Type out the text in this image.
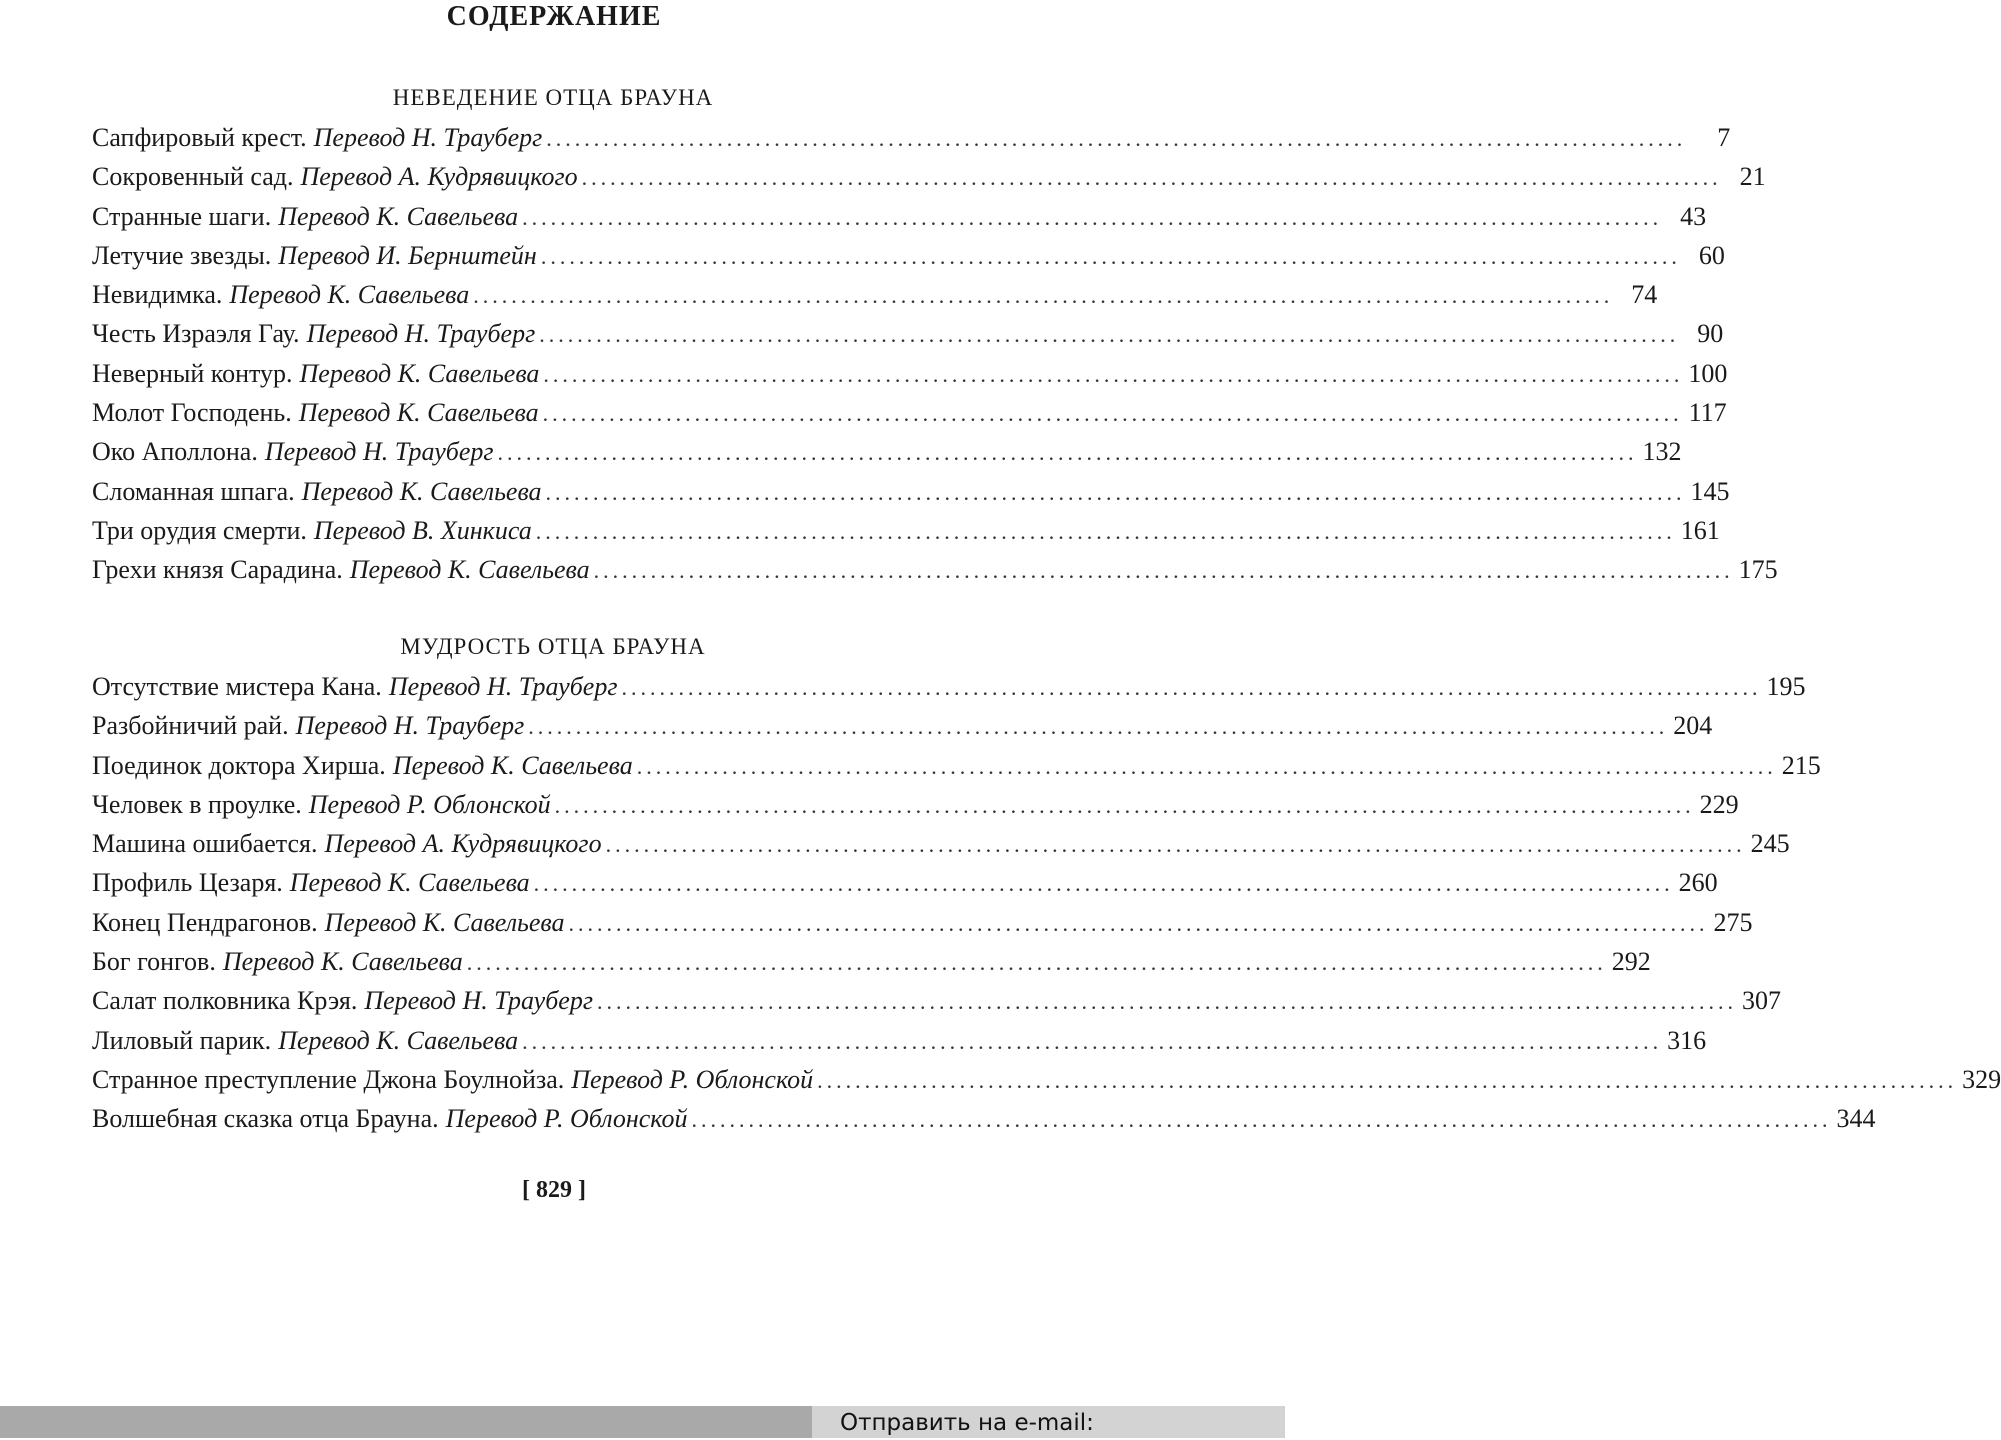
СОДЕРЖАНИЕ
НЕВЕДЕНИЕ ОТЦА БРАУНА
Сапфировый крест. Перевод Н. Трауберг ........................................................................................................................	7
Сокровенный сад. Перевод А. Кудрявицкого ........................................................................................................................ 21
Странные шаги. Перевод К. Савельева ........................................................................................................................ 43
Летучие звезды. Перевод И. Бернштейн ........................................................................................................................ 60
Невидимка. Перевод К. Савельева ........................................................................................................................ 74
Честь Израэля Гау. Перевод Н. Трауберг ........................................................................................................................ 90
Неверный контур. Перевод К. Савельева ........................................................................................................................ 100
Молот Господень. Перевод К. Савельева ........................................................................................................................ 117
Око Аполлона. Перевод Н. Трауберг ........................................................................................................................ 132
Сломанная шпага. Перевод К. Савельева ........................................................................................................................ 145
Три орудия смерти. Перевод В. Хинкиса ........................................................................................................................ 161
Грехи князя Сарадина. Перевод К. Савельева ........................................................................................................................ 175
МУДРОСТЬ ОТЦА БРАУНА
Отсутствие мистера Кана. Перевод Н. Трауберг ........................................................................................................................ 195
Разбойничий рай. Перевод Н. Трауберг ........................................................................................................................ 204
Поединок доктора Хирша. Перевод К. Савельева ........................................................................................................................ 215
Человек в проулке. Перевод Р. Облонской ........................................................................................................................ 229
Машина ошибается. Перевод А. Кудрявицкого ........................................................................................................................ 245
Профиль Цезаря. Перевод К. Савельева ........................................................................................................................ 260
Конец Пендрагонов. Перевод К. Савельева ........................................................................................................................ 275
Бог гонгов. Перевод К. Савельева ........................................................................................................................ 292
Салат полковника Крэя. Перевод Н. Трауберг ........................................................................................................................ 307
Лиловый парик. Перевод К. Савельева ........................................................................................................................ 316
Странное преступление Джона Боулнойза. Перевод Р. Облонской ........................................................................................................................ 329
Волшебная сказка отца Брауна. Перевод Р. Облонской ........................................................................................................................ 344
[ 829 ]
Отправить на e-mail:
